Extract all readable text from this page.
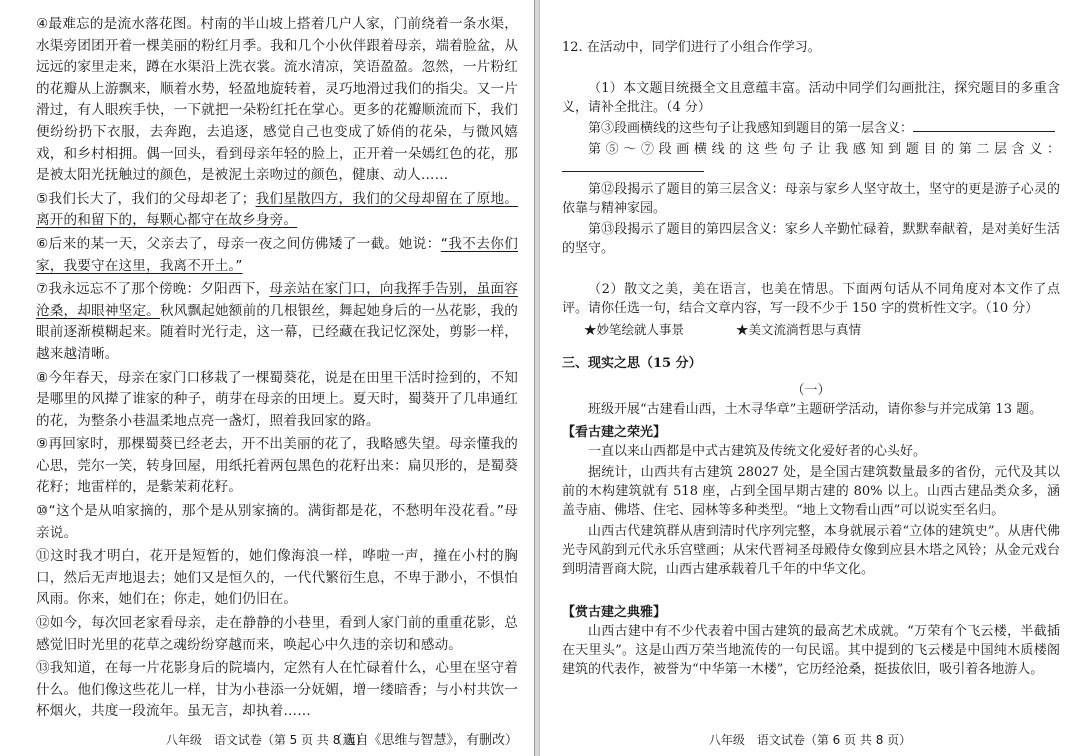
④最难忘的是流水落花图。村南的半山坡上搭着几户人家，门前绕着一条水渠，水渠旁团团开着一棵美丽的粉红月季。我和几个小伙伴跟着母亲，端着脸盆，从远远的家里走来，蹲在水渠沿上洗衣裳。流水清凉，笑语盈盈。忽然，一片粉红的花瓣从上游飘来，顺着水势，轻盈地旋转着，灵巧地滑过我们的指尖。又一片滑过，有人眼疾手快，一下就把一朵粉红托在掌心。更多的花瓣顺流而下，我们便纷纷扔下衣服，去奔跑，去追逐，感觉自己也变成了娇俏的花朵，与微风嬉戏，和乡村相拥。偶一回头，看到母亲年轻的脸上，正开着一朵嫣红色的花，那是被太阳光抚触过的颜色，是被泥土亲吻过的颜色，健康、动人……

⑤我们长大了，我们的父母却老了；我们星散四方，我们的父母却留在了原地。离开的和留下的，每颗心都守在故乡身旁。

⑥后来的某一天，父亲去了，母亲一夜之间仿佛矮了一截。她说：“我不去你们家，我要守在这里，我离不开土。”

⑦我永远忘不了那个傍晚：夕阳西下，母亲站在家门口，向我挥手告别，虽面容沧桑，却眼神坚定。秋风飘起她额前的几根银丝，舞起她身后的一丛花影，我的眼前逐渐模糊起来。随着时光行走，这一幕，已经藏在我记忆深处，剪影一样，越来越清晰。

⑧今年春天，母亲在家门口移栽了一棵蜀葵花，说是在田里干活时捡到的，不知是哪里的风撵了谁家的种子，萌芽在母亲的田埂上。夏天时，蜀葵开了几串通红的花，为整条小巷温柔地点亮一盏灯，照着我回家的路。

⑨再回家时，那棵蜀葵已经老去，开不出美丽的花了，我略感失望。母亲懂我的心思，莞尔一笑，转身回屋，用纸托着两包黑色的花籽出来：扁贝形的，是蜀葵花籽；地雷样的，是紫茉莉花籽。

⑩“这个是从咱家摘的，那个是从别家摘的。满街都是花，不愁明年没花看。”母亲说。

⑪这时我才明白，花开是短暂的，她们像海浪一样，哗啦一声，撞在小村的胸口，然后无声地退去；她们又是恒久的，一代代繁衍生息，不卑于渺小，不惧怕风雨。你来，她们在；你走，她们仍旧在。

⑫如今，每次回老家看母亲，走在静静的小巷里，看到人家门前的重重花影，总感觉旧时光里的花草之魂纷纷穿越而来，唤起心中久违的亲切和感动。

⑬我知道，在每一片花影身后的院墙内，定然有人在忙碌着什么，心里在坚守着什么。他们像这些花儿一样，甘为小巷添一分妩媚，增一缕暗香；与小村共饮一杯烟火，共度一段流年。虽无言，却执着……

（选自《思维与智慧》，有删改）
八年级　语文试卷（第 5 页 共 8 页）

12. 在活动中，同学们进行了小组合作学习。

（1）本文题目统摄全文且意蕴丰富。活动中同学们勾画批注，探究题目的多重含义，请补全批注。（4 分）

第③段画横线的这些句子让我感知到题目的第一层含义：

第⑤～⑦段画横线的这些句子让我感知到题目的第二层含义：

第⑫段揭示了题目的第三层含义：母亲与家乡人坚守故土，坚守的更是游子心灵的依靠与精神家园。

第⑬段揭示了题目的第四层含义：家乡人辛勤忙碌着，默默奉献着，是对美好生活的坚守。

（2）散文之美，美在语言，也美在情思。下面两句话从不同角度对本文作了点评。请你任选一句，结合文章内容，写一段不少于 150 字的赏析性文字。（10 分）

★妙笔绘就人事景	★美文流淌哲思与真情
三、现实之思（15 分）
（一）

班级开展“古建看山西，土木寻华章”主题研学活动，请你参与并完成第 13 题。

【看古建之荣光】

一直以来山西都是中式古建筑及传统文化爱好者的心头好。

据统计，山西共有古建筑 28027 处，是全国古建筑数量最多的省份，元代及其以前的木构建筑就有 518 座，占到全国早期古建的 80% 以上。山西古建品类众多，涵盖寺庙、佛塔、住宅、园林等多种类型。“地上文物看山西”可以说实至名归。

山西古代建筑群从唐到清时代序列完整，本身就展示着“立体的建筑史”。从唐代佛光寺风韵到元代永乐宫壁画；从宋代晋祠圣母殿侍女像到应县木塔之风铃；从金元戏台到明清晋商大院，山西古建承载着几千年的中华文化。

【赏古建之典雅】

山西古建中有不少代表着中国古建筑的最高艺术成就。“万荣有个飞云楼，半截插在天里头”。这是山西万荣当地流传的一句民谣。其中提到的飞云楼是中国纯木质楼阁建筑的代表作，被誉为“中华第一木楼”，它历经沧桑，挺拔依旧，吸引着各地游人。

八年级　语文试卷（第 6 页 共 8 页）
